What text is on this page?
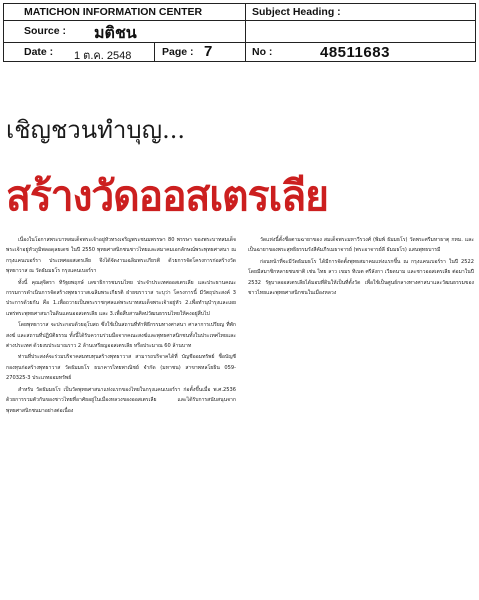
MATICHON INFORMATION CENTER	Subject Heading :
Source : มติชน
Date : 1 ต.ค. 2548	Page : 7	No :	48511683
เชิญชวนทำบุญ...
สร้างวัดออสเตรเลีย

เนื่องในโอกาสพระบาทสมเด็จพระเจ้าอยู่หัวทรงเจริญพระชนมพรรษา 80 พรรษา ของพระบาทสมเด็จพระเจ้าอยู่หัวภูมิพลอดุลยเดช ในปี 2550 พุทธศาสนิกชนชาวไทยและสมาคมเอกลักษณ์พระพุทธศาสนา ณ กรุงแคนเบอร์รา ประเทศออสเตรเลีย จึงได้จัดงานเฉลิมพระเกียรติ ด้วยการจัดโครงการก่อสร้างวัดพุทธาวาส ณ วัดธัมมธโร กรุงแคนเบอร์รา

ทั้งนี้ คุณสุจิตรา ทิรัฐยพฤกษ์ เลขาธิการชมรมไทย ประจำประเทศออสเตรเลีย และประธานคณะกรรมการดำเนินการจัดสร้างพุทธาวาสเฉลิมพระเกียรติ ฝ่ายฆราวาส ระบุว่า โครงการนี้ มีวัตถุประสงค์ 3 ประการด้วยกัน คือ 1.เพื่อถวายเป็นพระราชกุศลแด่พระบาทสมเด็จพระเจ้าอยู่หัว 2.เพื่อทำนุบำรุงและเผยแพร่พระพุทธศาสนาในดินแดนออสเตรเลีย และ 3.เพื่อสืบสานศิลปวัฒนธรรมไทยให้คงอยู่สืบไป

โดยพุทธาวาส จะประกอบด้วยอุโบสถ ซึ่งใช้เป็นสถานที่ทำพิธีกรรมทางศาสนา ศาลาการเปรียญ ที่พักสงฆ์ และสถานที่ปฏิบัติธรรม ทั้งนี้ได้รับความร่วมมือจากคณะสงฆ์และพุทธศาสนิกชนทั้งในประเทศไทยและต่างประเทศ ด้วยงบประมาณราว 2 ล้านเหรียญออสเตรเลีย หรือประมาณ 60 ล้านบาท

ท่านที่ประสงค์จะร่วมบริจาคสมทบทุนสร้างพุทธาวาส สามารถบริจาคได้ที่ บัญชีออมทรัพย์ ชื่อบัญชี กองทุนก่อสร้างพุทธาวาส วัดธัมมธโร ธนาคารไทยพาณิชย์ จำกัด (มหาชน) สาขาพหลโยธิน 059-270325-3 ประเภทออมทรัพย์

สำหรับ วัดธัมมธโร เป็นวัดพุทธศาสนาแห่งแรกของไทยในกรุงแคนเบอร์รา ก่อตั้งขึ้นเมื่อ พ.ศ.2536 ด้วยการรวมตัวกันของชาวไทยที่อาศัยอยู่ในเมืองหลวงของออสเตรเลีย และได้รับการสนับสนุนจากพุทธศาสนิกชนมาอย่างต่อเนื่อง

วัดแห่งนี้ตั้งชื่อตามฉายาของ สมเด็จพระมหาวีรวงศ์ (พิมพ์ ธัมมธโร) วัดพระศรีมหาธาตุ กทม. และเป็นฉายาของพระสุทธิธรรมรังสีคัมภีรเมธาจารย์ (พระอาจารย์ลี ธัมมธโร) แสนพุทธบารมี

ก่อนหน้าที่จะมีวัดธัมมธโร ได้มีการจัดตั้งพุทธสมาคมแห่งแรกขึ้น ณ กรุงแคนเบอร์รา ในปี 2522 โดยมีสมาชิกหลายชนชาติ เช่น ไทย ลาว เขมร ทิเบต ศรีลังกา เวียดนาม และชาวออสเตรเลีย ต่อมาในปี 2532 รัฐบาลออสเตรเลียได้มอบที่ดินให้เป็นที่ตั้งวัด เพื่อใช้เป็นศูนย์กลางทางศาสนาและวัฒนธรรมของชาวไทยและพุทธศาสนิกชนในเมืองหลวง
